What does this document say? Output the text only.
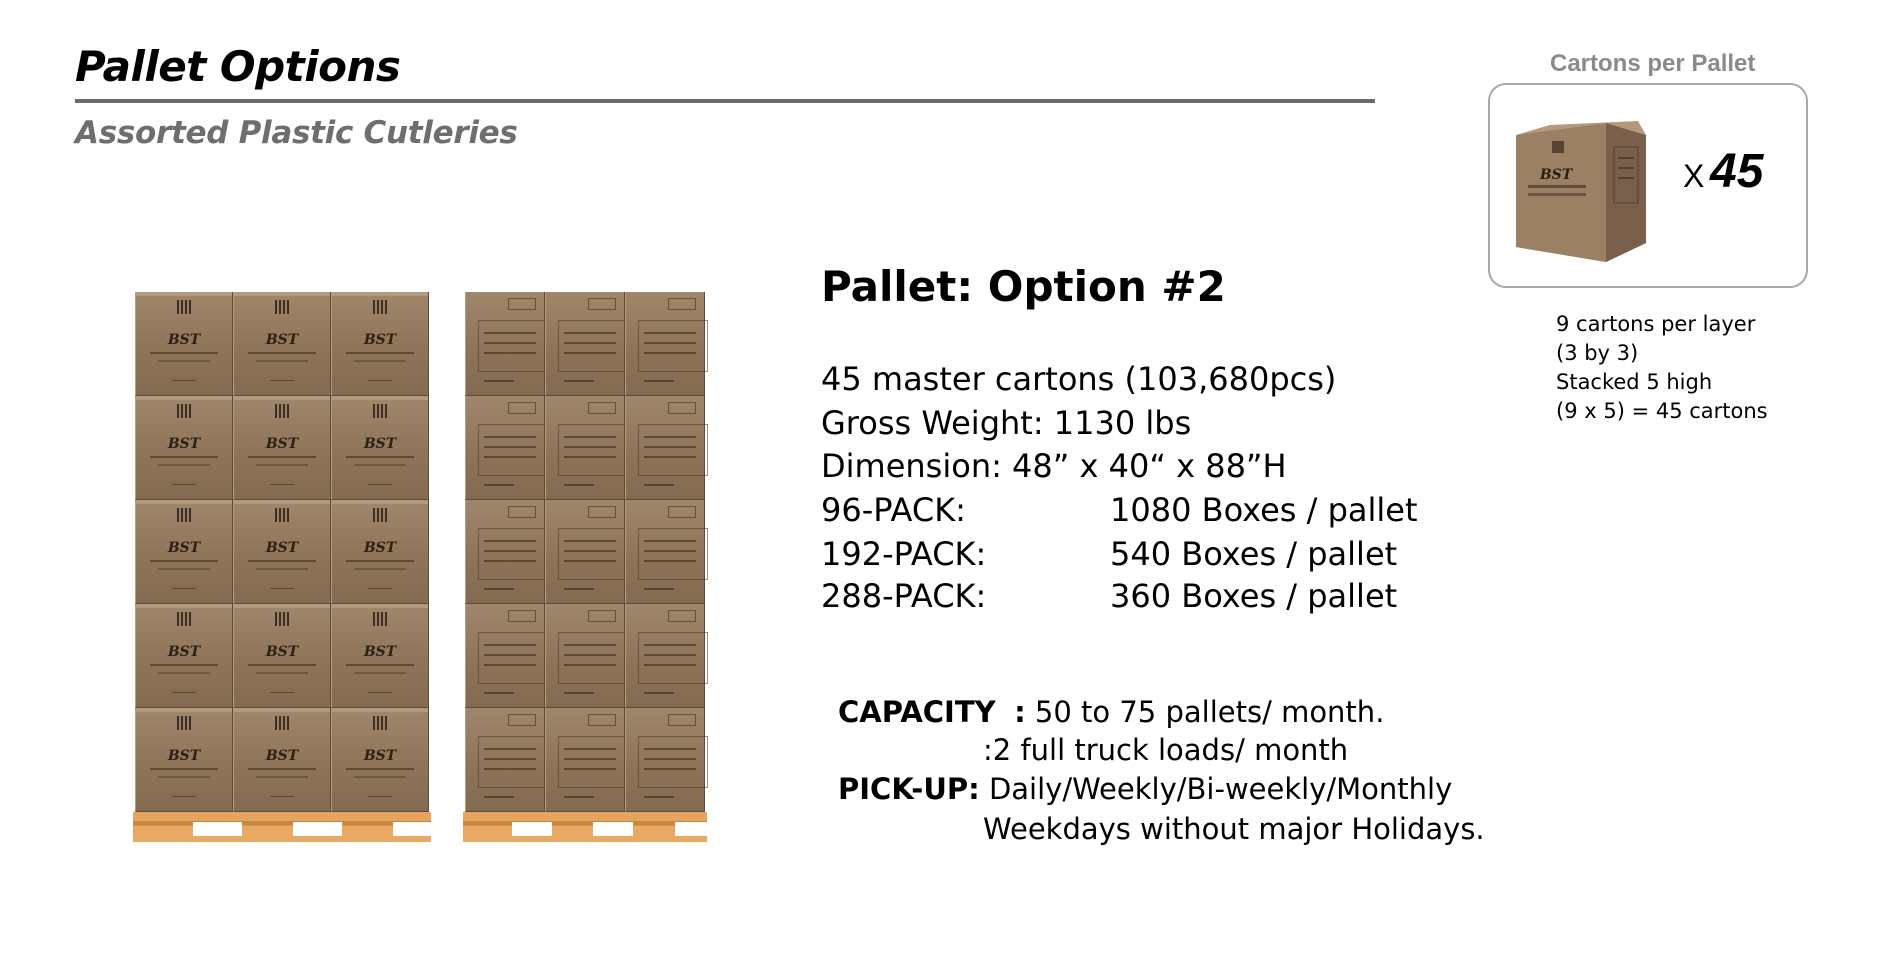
Pallet Options
Assorted Plastic Cutleries
BST	BST	BST
BST	BST	BST
BST	BST	BST
BST	BST	BST
BST	BST	BST
Pallet: Option #2
45 master cartons (103,680pcs)
Gross Weight: 1130 lbs
Dimension: 48” x 40“ x 88”H
96-PACK:	1080 Boxes / pallet
192-PACK:	540 Boxes / pallet
288-PACK:	360 Boxes / pallet
CAPACITY : 50 to 75 pallets/ month.
:2 full truck loads/ month
PICK-UP: Daily/Weekly/Bi-weekly/Monthly
Weekdays without major Holidays.
Cartons per Pallet
BST	X 45
9 cartons per layer
(3 by 3)
Stacked 5 high
(9 x 5) = 45 cartons
